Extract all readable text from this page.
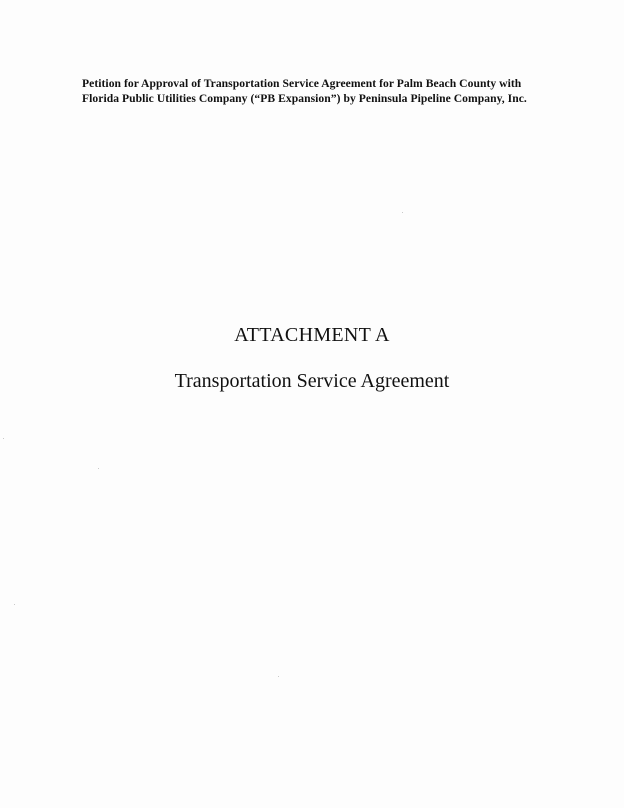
Petition for Approval of Transportation Service Agreement for Palm Beach County with
Florida Public Utilities Company (“PB Expansion”) by Peninsula Pipeline Company, Inc.
ATTACHMENT A
Transportation Service Agreement
